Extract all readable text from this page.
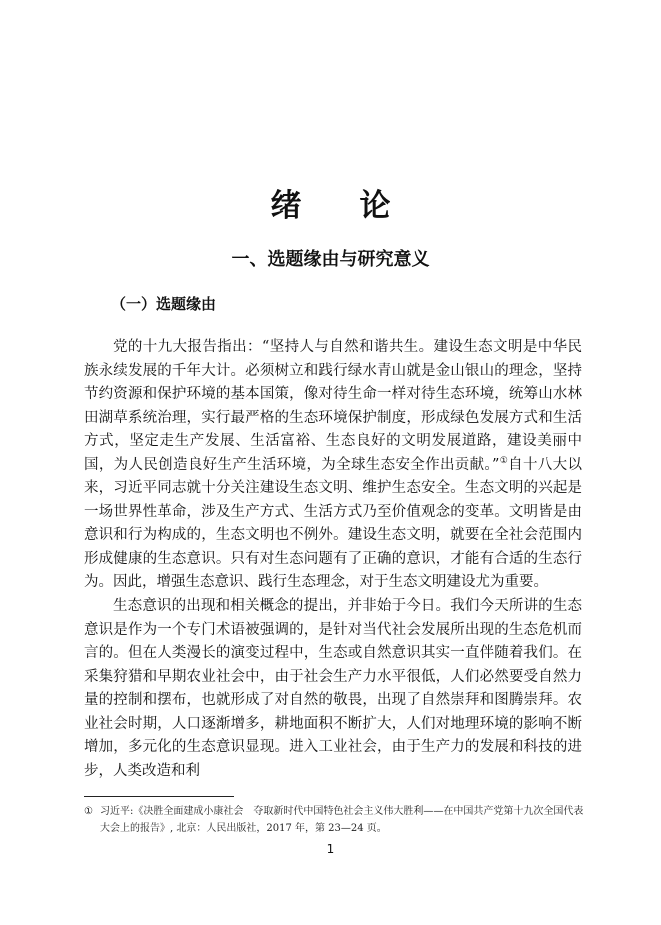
绪 论
一、选题缘由与研究意义
（一）选题缘由

党的十九大报告指出：“坚持人与自然和谐共生。建设生态文明是中华民族永续发展的千年大计。必须树立和践行绿水青山就是金山银山的理念，坚持节约资源和保护环境的基本国策，像对待生命一样对待生态环境，统筹山水林田湖草系统治理，实行最严格的生态环境保护制度，形成绿色发展方式和生活方式，坚定走生产发展、生活富裕、生态良好的文明发展道路，建设美丽中国，为人民创造良好生产生活环境，为全球生态安全作出贡献。”①自十八大以来，习近平同志就十分关注建设生态文明、维护生态安全。生态文明的兴起是一场世界性革命，涉及生产方式、生活方式乃至价值观念的变革。文明皆是由意识和行为构成的，生态文明也不例外。建设生态文明，就要在全社会范围内形成健康的生态意识。只有对生态问题有了正确的意识，才能有合适的生态行为。因此，增强生态意识、践行生态理念，对于生态文明建设尤为重要。

生态意识的出现和相关概念的提出，并非始于今日。我们今天所讲的生态意识是作为一个专门术语被强调的，是针对当代社会发展所出现的生态危机而言的。但在人类漫长的演变过程中，生态或自然意识其实一直伴随着我们。在采集狩猎和早期农业社会中，由于社会生产力水平很低，人们必然要受自然力量的控制和摆布，也就形成了对自然的敬畏，出现了自然崇拜和图腾崇拜。农业社会时期，人口逐渐增多，耕地面积不断扩大，人们对地理环境的影响不断增加，多元化的生态意识显现。进入工业社会，由于生产力的发展和科技的进步，人类改造和利

① 习近平:《决胜全面建成小康社会　夺取新时代中国特色社会主义伟大胜利——在中国共产党第十九次全国代表
大会上的报告》, 北京：人民出版社，2017 年，第 23—24 页。
1
